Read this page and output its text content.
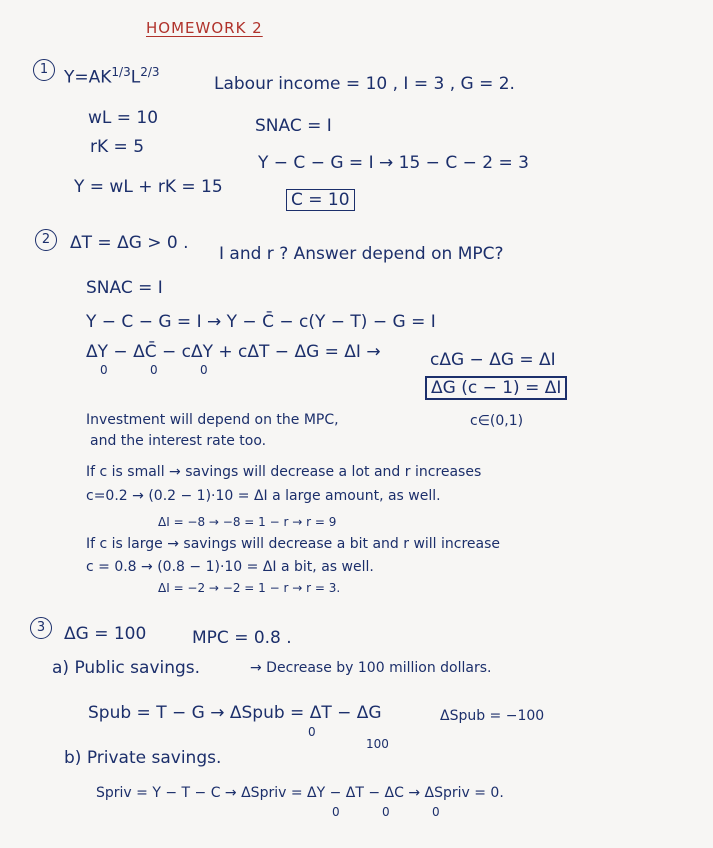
HOMEWORK 2
1 $Y=AK^{1/3}L^{2/3}$
Labour income = 10 , I = 3 , G = 2.
wL = 10
rK = 5
Y = wL + rK = 15
SNAC = I
Y − C − G = I → 15 − C − 2 = 3
C = 10
2	ΔT = ΔG > 0 .
I and r ? Answer depend on MPC?
SNAC = I
Y − C − G = I → Y − C̄ − c(Y − T) − G = I
ΔY − ΔC̄ − cΔY + cΔT − ΔG = ΔI →
0	0	0	cΔG − ΔG = ΔI
ΔG (c − 1) = ΔI
c∈(0,1)
Investment will depend on the MPC,
and the interest rate too.
If c is small → savings will decrease a lot and r increases
c=0.2 → (0.2 − 1)·10 = ΔI a large amount, as well.
ΔI = −8 → −8 = 1 − r → r = 9
If c is large → savings will decrease a bit and r will increase
c = 0.8 → (0.8 − 1)·10 = ΔI a bit, as well.
ΔI = −2 → −2 = 1 − r → r = 3.
3	ΔG = 100	MPC = 0.8 .
a) Public savings.	→ Decrease by 100 million dollars.
Spub = T − G → ΔSpub = ΔT − ΔG
0
100
ΔSpub = −100
b) Private savings.
Spriv = Y − T − C → ΔSpriv = ΔY − ΔT − ΔC → ΔSpriv = 0.
0	0	0
